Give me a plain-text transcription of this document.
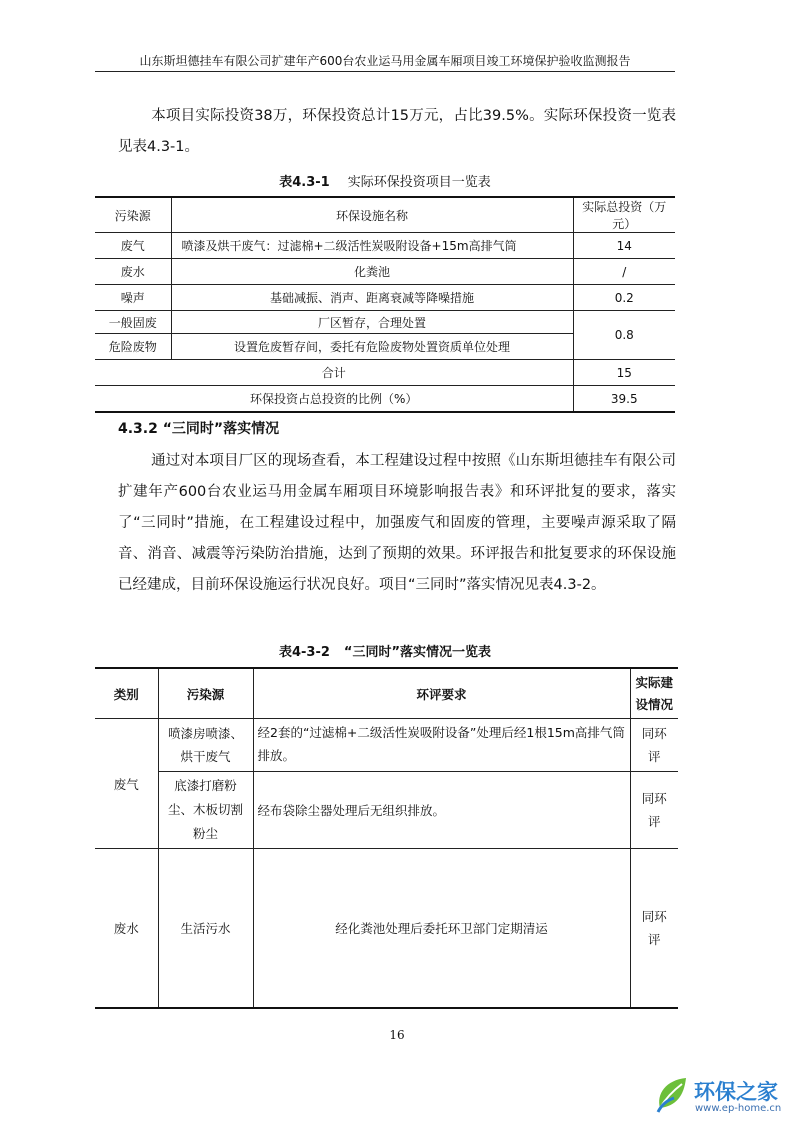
山东斯坦德挂车有限公司扩建年产600台农业运马用金属车厢项目竣工环境保护验收监测报告
本项目实际投资38万，环保投资总计15万元，占比39.5%。实际环保投资一览表见表4.3-1。
表4.3-1 实际环保投资项目一览表
污染源	环保设施名称	实际总投资（万元）
废气	喷漆及烘干废气：过滤棉+二级活性炭吸附设备+15m高排气筒	14
废水	化粪池	/
噪声	基础减振、消声、距离衰减等降噪措施	0.2
一般固废	厂区暂存，合理处置	0.8
危险废物	设置危废暂存间，委托有危险废物处置资质单位处理	
合计		15
环保投资占总投资的比例（%）		39.5
4.3.2 “三同时”落实情况
通过对本项目厂区的现场查看，本工程建设过程中按照《山东斯坦德挂车有限公司扩建年产600台农业运马用金属车厢项目环境影响报告表》和环评批复的要求，落实了“三同时”措施，在工程建设过程中，加强废气和固废的管理，主要噪声源采取了隔音、消音、减震等污染防治措施，达到了预期的效果。环评报告和批复要求的环保设施已经建成，目前环保设施运行状况良好。项目“三同时”落实情况见表4.3-2。
表4-3-2 “三同时”落实情况一览表
类别	污染源	环评要求	实际建设情况
废气	喷漆房喷漆、烘干废气	经2套的“过滤棉+二级活性炭吸附设备”处理后经1根15m高排气筒排放。	同环评
	底漆打磨粉尘、木板切割粉尘	经布袋除尘器处理后无组织排放。	同环评
废水	生活污水	经化粪池处理后委托环卫部门定期清运	同环评
16
环保之家
www.ep-home.cn
